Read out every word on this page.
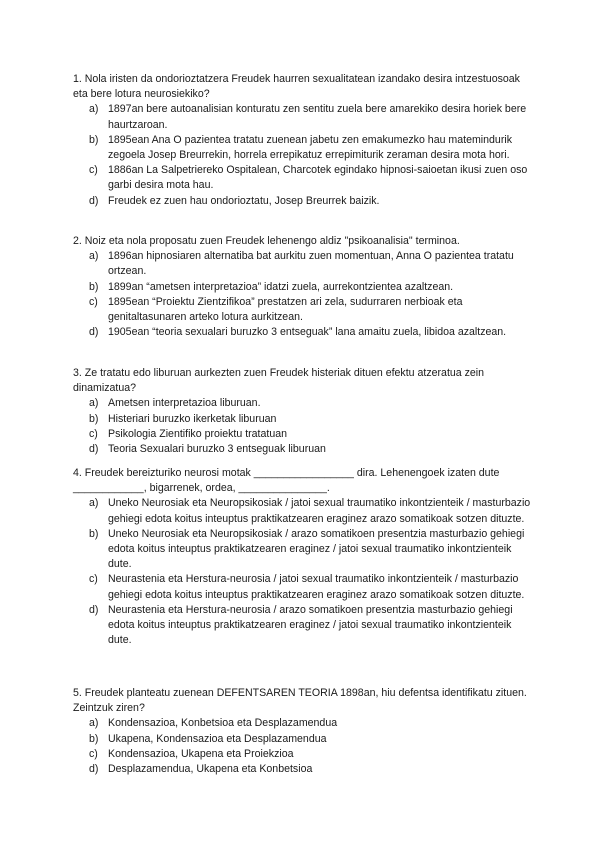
1. Nola iristen da ondorioztatzera Freudek haurren sexualitatean izandako desira intzestuosoak eta bere lotura neurosiekiko?

a) 1897an bere autoanalisian konturatu zen sentitu zuela bere amarekiko desira horiek bere haurtzaroan.
b) 1895ean Ana O pazientea tratatu zuenean jabetu zen emakumezko hau matemindurik zegoela Josep Breurrekin, horrela errepikatuz errepimiturik zeraman desira mota hori.
c) 1886an La Salpetriereko Ospitalean, Charcotek egindako hipnosi-saioetan ikusi zuen oso garbi desira mota hau.
d) Freudek ez zuen hau ondorioztatu, Josep Breurrek baizik.

2. Noiz eta nola proposatu zuen Freudek lehenengo aldiz "psikoanalisia" terminoa.

a) 1896an hipnosiaren alternatiba bat aurkitu zuen momentuan, Anna O pazientea tratatu ortzean.
b) 1899an “ametsen interpretazioa” idatzi zuela, aurrekontzientea azaltzean.
c) 1895ean “Proiektu Zientzifikoa” prestatzen ari zela, sudurraren nerbioak eta genitaltasunaren arteko lotura aurkitzean.
d) 1905ean “teoria sexualari buruzko 3 entseguak” lana amaitu zuela, libidoa azaltzean.

3. Ze tratatu edo liburuan aurkezten zuen Freudek histeriak dituen efektu atzeratua zein dinamizatua?

a) Ametsen interpretazioa liburuan.
b) Histeriari buruzko ikerketak liburuan
c) Psikologia Zientifiko proiektu tratatuan
d) Teoria Sexualari buruzko 3 entseguak liburuan

4. Freudek bereizturiko neurosi motak _________________ dira. Lehenengoek izaten dute ____________, bigarrenek, ordea, _______________.

a) Uneko Neurosiak eta Neuropsikosiak / jatoi sexual traumatiko inkontzienteik / masturbazio gehiegi edota koitus inteuptus praktikatzearen eraginez arazo somatikoak sotzen dituzte.
b) Uneko Neurosiak eta Neuropsikosiak / arazo somatikoen presentzia masturbazio gehiegi edota koitus inteuptus praktikatzearen eraginez / jatoi sexual traumatiko inkontzienteik dute.
c) Neurastenia eta Herstura-neurosia / jatoi sexual traumatiko inkontzienteik / masturbazio gehiegi edota koitus inteuptus praktikatzearen eraginez arazo somatikoak sotzen dituzte.
d) Neurastenia eta Herstura-neurosia / arazo somatikoen presentzia masturbazio gehiegi edota koitus inteuptus praktikatzearen eraginez / jatoi sexual traumatiko inkontzienteik dute.

5. Freudek planteatu zuenean DEFENTSAREN TEORIA 1898an, hiu defentsa identifikatu zituen. Zeintzuk ziren?

a) Kondensazioa, Konbetsioa eta Desplazamendua
b) Ukapena, Kondensazioa eta Desplazamendua
c) Kondensazioa, Ukapena eta Proiekzioa
d) Desplazamendua, Ukapena eta Konbetsioa
